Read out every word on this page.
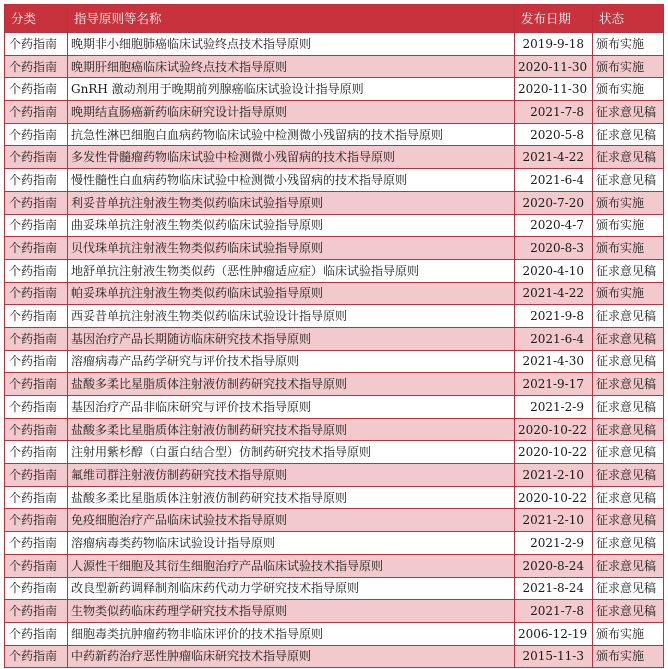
分类	指导原则等名称	发布日期	状态
个药指南	晚期非小细胞肺癌临床试验终点技术指导原则	2019-9-18	颁布实施
个药指南	晚期肝细胞癌临床试验终点技术指导原则	2020-11-30	颁布实施
个药指南	GnRH 激动剂用于晚期前列腺癌临床试验设计指导原则	2020-11-30	颁布实施
个药指南	晚期结直肠癌新药临床研究设计指导原则	2021-7-8	征求意见稿
个药指南	抗急性淋巴细胞白血病药物临床试验中检测微小残留病的技术指导原则	2020-5-8	征求意见稿
个药指南	多发性骨髓瘤药物临床试验中检测微小残留病的技术指导原则	2021-4-22	征求意见稿
个药指南	慢性髓性白血病药物临床试验中检测微小残留病的技术指导原则	2021-6-4	征求意见稿
个药指南	利妥昔单抗注射液生物类似药临床试验指导原则	2020-7-20	颁布实施
个药指南	曲妥珠单抗注射液生物类似药临床试验指导原则	2020-4-7	颁布实施
个药指南	贝伐珠单抗注射液生物类似药临床试验指导原则	2020-8-3	颁布实施
个药指南	地舒单抗注射液生物类似药（恶性肿瘤适应症）临床试验指导原则	2020-4-10	征求意见稿
个药指南	帕妥珠单抗注射液生物类似药临床试验指导原则	2021-4-22	颁布实施
个药指南	西妥昔单抗注射液生物类似药临床试验设计指导原则	2021-9-8	征求意见稿
个药指南	基因治疗产品长期随访临床研究技术指导原则	2021-6-4	征求意见稿
个药指南	溶瘤病毒产品药学研究与评价技术指导原则	2021-4-30	征求意见稿
个药指南	盐酸多柔比星脂质体注射液仿制药研究技术指导原则	2021-9-17	征求意见稿
个药指南	基因治疗产品非临床研究与评价技术指导原则	2021-2-9	征求意见稿
个药指南	盐酸多柔比星脂质体注射液仿制药研究技术指导原则	2020-10-22	征求意见稿
个药指南	注射用紫杉醇（白蛋白结合型）仿制药研究技术指导原则	2020-10-22	征求意见稿
个药指南	氟维司群注射液仿制药研究技术指导原则	2021-2-10	征求意见稿
个药指南	盐酸多柔比星脂质体注射液仿制药研究技术指导原则	2020-10-22	征求意见稿
个药指南	免疫细胞治疗产品临床试验技术指导原则	2021-2-10	征求意见稿
个药指南	溶瘤病毒类药物临床试验设计指导原则	2021-2-9	征求意见稿
个药指南	人源性干细胞及其衍生细胞治疗产品临床试验技术指导原则	2020-8-24	征求意见稿
个药指南	改良型新药调释制剂临床药代动力学研究技术指导原则	2021-8-24	征求意见稿
个药指南	生物类似药临床药理学研究技术指导原则	2021-7-8	征求意见稿
个药指南	细胞毒类抗肿瘤药物非临床评价的技术指导原则	2006-12-19	颁布实施
个药指南	中药新药治疗恶性肿瘤临床研究技术指导原则	2015-11-3	颁布实施
